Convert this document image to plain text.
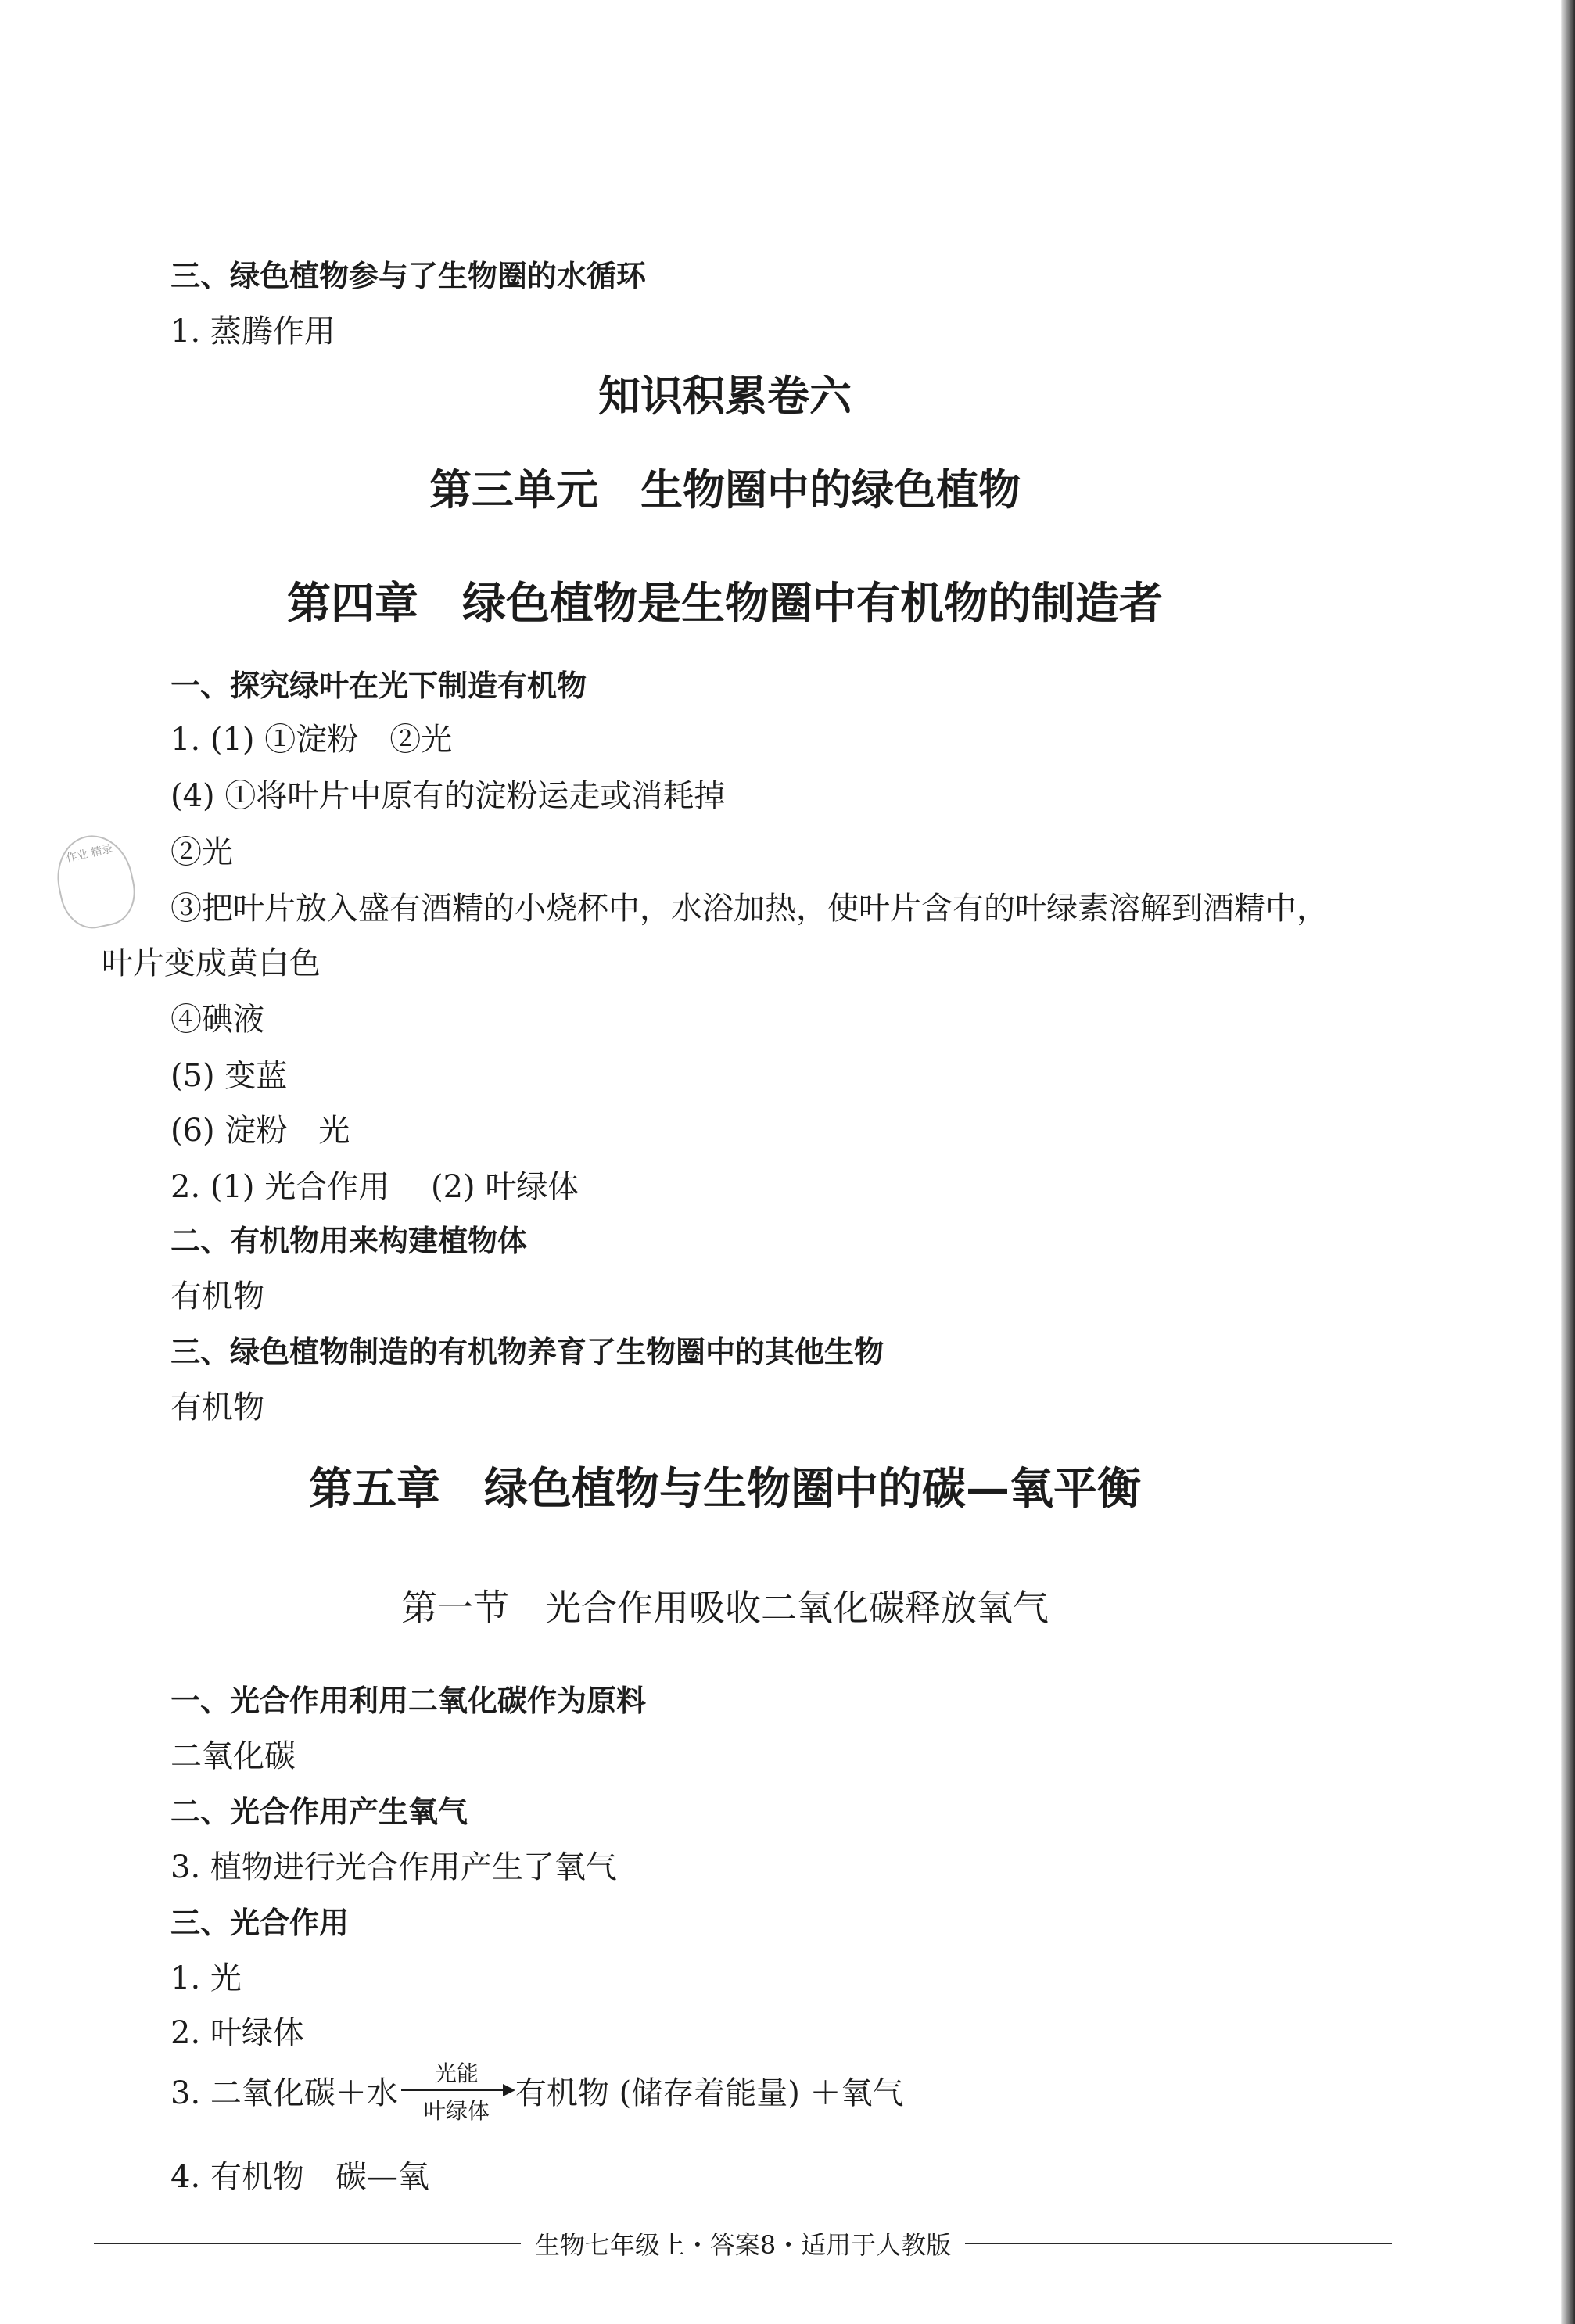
三、绿色植物参与了生物圈的水循环
1. 蒸腾作用
知识积累卷六
第三单元　生物圈中的绿色植物
第四章　绿色植物是生物圈中有机物的制造者
一、探究绿叶在光下制造有机物
1. (1) ①淀粉　②光
(4) ①将叶片中原有的淀粉运走或消耗掉
②光
③把叶片放入盛有酒精的小烧杯中，水浴加热，使叶片含有的叶绿素溶解到酒精中，
叶片变成黄白色
④碘液
(5) 变蓝
(6) 淀粉　光
2. (1) 光合作用　 (2) 叶绿体
二、有机物用来构建植物体
有机物
三、绿色植物制造的有机物养育了生物圈中的其他生物
有机物
第五章　绿色植物与生物圈中的碳—氧平衡
第一节　光合作用吸收二氧化碳释放氧气
一、光合作用利用二氧化碳作为原料
二氧化碳
二、光合作用产生氧气
3. 植物进行光合作用产生了氧气
三、光合作用
1. 光
2. 叶绿体
3. 二氧化碳＋水
光能
叶绿体 有机物 (储存着能量) ＋氧气
4. 有机物　碳—氧
作业 精录
生物七年级上・答案8・适用于人教版
